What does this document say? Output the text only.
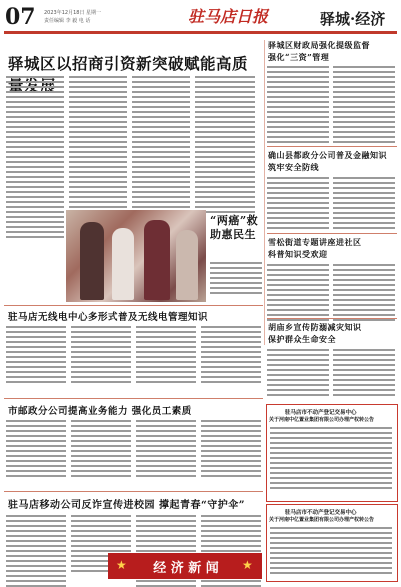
07 2023年12月18日 星期一
责任编辑 李 毅 电 话	驻马店日报	驿城·经济
驿城区以招商引资新突破赋能高质
“两癌”救助惠民生
驿城区财政局强化提级监督
强化“三资”管理
确山县都政分公司普及金融知识
筑牢安全防线
雪松街道专题讲座进社区
科普知识受欢迎
胡庙乡宣传防溺减灾知识
保护群众生命安全
驻马店无线电中心多形式普及无线电管理知识
市邮政分公司提高业务能力 强化员工素质
驻马店移动公司反诈宣传进校园 撑起青春“守护伞”
驻马店市不动产登记交易中心
关于河南中亿置业集团有限公司办理产权转公告
驻马店市不动产登记交易中心
关于河南中亿置业集团有限公司办理产权转公告
★	经 济 新 闻	★
